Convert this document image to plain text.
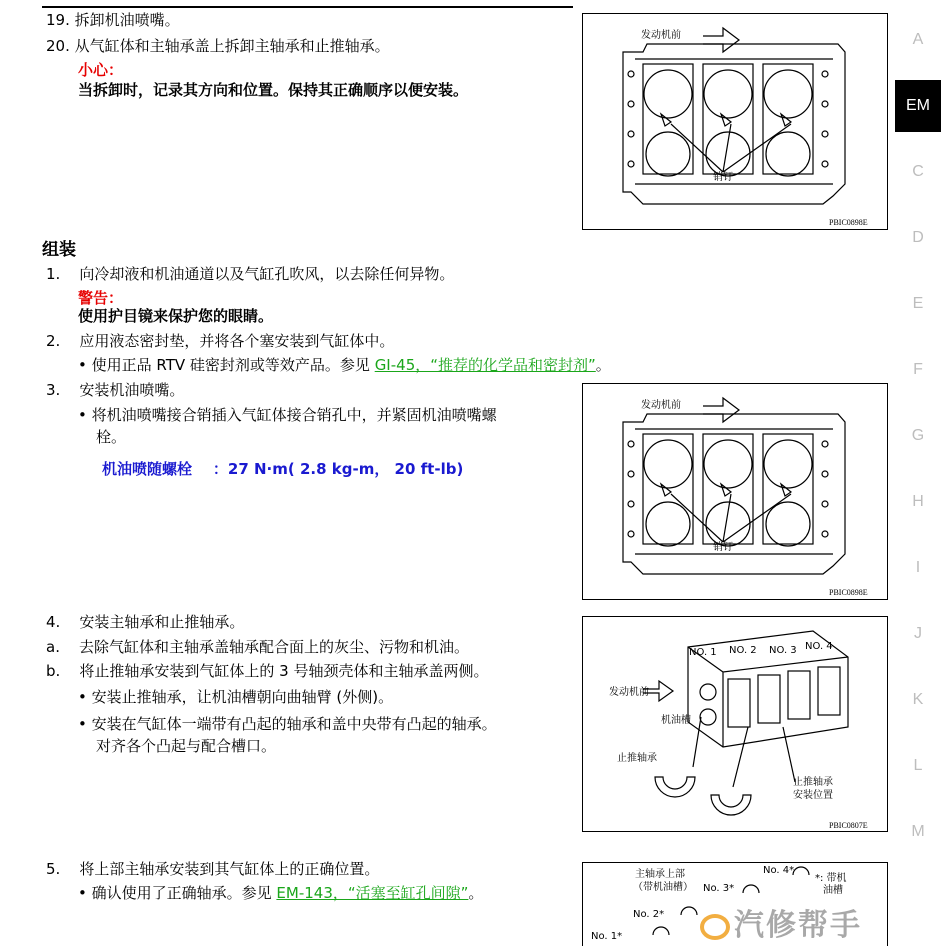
19. 拆卸机油喷嘴。
20. 从气缸体和主轴承盖上拆卸主轴承和止推轴承。
小心：
当拆卸时，记录其方向和位置。保持其正确顺序以便安装。
组装
1. 向冷却液和机油通道以及气缸孔吹风，以去除任何异物。
警告：
使用护目镜来保护您的眼睛。
2. 应用液态密封垫，并将各个塞安装到气缸体中。
• 使用正品 RTV 硅密封剂或等效产品。参见 GI-45，“推荐的化学品和密封剂”。
3. 安装机油喷嘴。
• 将机油喷嘴接合销插入气缸体接合销孔中，并紧固机油喷嘴螺
栓。
机油喷随螺栓 ：27 N·m( 2.8 kg-m， 20 ft-lb)
4. 安装主轴承和止推轴承。
a. 去除气缸体和主轴承盖轴承配合面上的灰尘、污物和机油。
b. 将止推轴承安装到气缸体上的 3 号轴颈壳体和主轴承盖两侧。
• 安装止推轴承，让机油槽朝向曲轴臂 (外侧)。
• 安装在气缸体一端带有凸起的轴承和盖中央带有凸起的轴承。
对齐各个凸起与配合槽口。
5. 将上部主轴承安装到其气缸体上的正确位置。
• 确认使用了正确轴承。参见 EM-143，“活塞至缸孔间隙”。
发动机前
销钉
PBIC0898E
发动机前
销钉
PBIC0898E
NO. 1 NO. 2 NO. 3 NO. 4
发动机前
机油槽
止推轴承
止推轴承
安装位置
PBIC0807E
主轴承上部
（带机油槽） No. 3*
No. 4*
*: 带机
油槽
No. 2*
No. 1*
A
EM
C
D
E
F
G
H
I
J
K
L
M
汽修帮手
